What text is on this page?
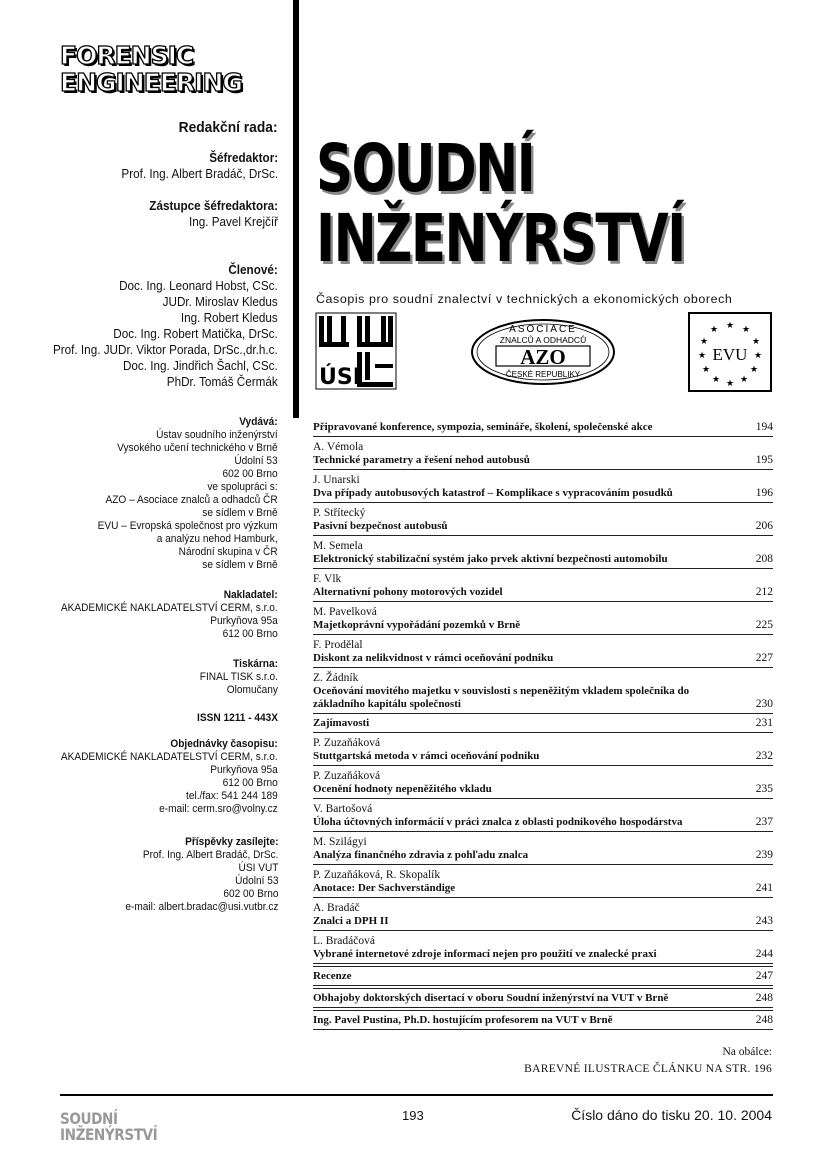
FORENSIC
ENGINEERING
Redakční rada:
Šéfredaktor:
Prof. Ing. Albert Bradáč, DrSc.
Zástupce šéfredaktora:
Ing. Pavel Krejčíř
Členové:
Doc. Ing. Leonard Hobst, CSc.
JUDr. Miroslav Kledus
Ing. Robert Kledus
Doc. Ing. Robert Matička, DrSc.
Prof. Ing. JUDr. Viktor Porada, DrSc.,dr.h.c.
Doc. Ing. Jindřich Šachl, CSc.
PhDr. Tomáš Čermák
SOUDNÍ
INŽENÝRSTVÍ
Časopis pro soudní znalectví v technických a ekonomických oborech
ÚSI
ASOCIACE
ZNALCŮ A ODHADCŮ
AZO
ČESKÉ REPUBLIKY
★ ★
★
★
★
★
★
★
★
★
★
★
EVU
Vydává:
Ústav soudního inženýrství
Vysokého učení technického v Brně
Údolní 53
602 00 Brno
ve spolupráci s:
AZO – Asociace znalců a odhadců ČR
se sídlem v Brně
EVU – Evropská společnost pro výzkum
a analýzu nehod Hamburk,
Národní skupina v ČR
se sídlem v Brně
Nakladatel:
AKADEMICKÉ NAKLADATELSTVÍ CERM, s.r.o.
Purkyňova 95a
612 00 Brno
Tiskárna:
FINAL TISK s.r.o.
Olomučany
ISSN 1211 - 443X
Objednávky časopisu:
AKADEMICKÉ NAKLADATELSTVÍ CERM, s.r.o.
Purkyňova 95a
612 00 Brno
tel./fax: 541 244 189
e-mail: cerm.sro@volny.cz
Příspěvky zasílejte:
Prof. Ing. Albert Bradáč, DrSc.
ÚSI VUT
Údolní 53
602 00 Brno
e-mail: albert.bradac@usi.vutbr.cz
Připravované konference, sympozia, semináře, školení, společenské akce	194
A. Vémola
Technické parametry a řešení nehod autobusů	195
J. Unarski
Dva případy autobusových katastrof – Komplikace s vypracováním posudků	196
P. Střítecký
Pasivní bezpečnost autobusů	206
M. Semela
Elektronický stabilizační systém jako prvek aktivní bezpečnosti automobilu	208
F. Vlk
Alternativní pohony motorových vozidel	212
M. Pavelková
Majetkoprávní vypořádání pozemků v Brně	225
F. Prodělal
Diskont za nelikvidnost v rámci oceňování podniku	227
Z. Žádník
Oceňování movitého majetku v souvislosti s nepeněžitým vkladem společníka do základního kapitálu společnosti	230
Zajímavosti	231
P. Zuzaňáková
Stuttgartská metoda v rámci oceňování podniku	232
P. Zuzaňáková
Ocenění hodnoty nepeněžitého vkladu	235
V. Bartošová
Úloha účtovných informácií v práci znalca z oblasti podnikového hospodárstva	237
M. Szilágyi
Analýza finančného zdravia z pohľadu znalca	239
P. Zuzaňáková, R. Skopalík
Anotace: Der Sachverständige	241
A. Bradáč
Znalci a DPH II	243
L. Bradáčová
Vybrané internetové zdroje informací nejen pro použití ve znalecké praxi	244
Recenze	247
Obhajoby doktorských disertací v oboru Soudní inženýrství na VUT v Brně	248
Ing. Pavel Pustina, Ph.D. hostujícím profesorem na VUT v Brně	248
Na obálce:
BAREVNÉ ILUSTRACE ČLÁNKU NA STR. 196
SOUDNÍ
INŽENÝRSTVÍ
193	Číslo dáno do tisku 20. 10. 2004
